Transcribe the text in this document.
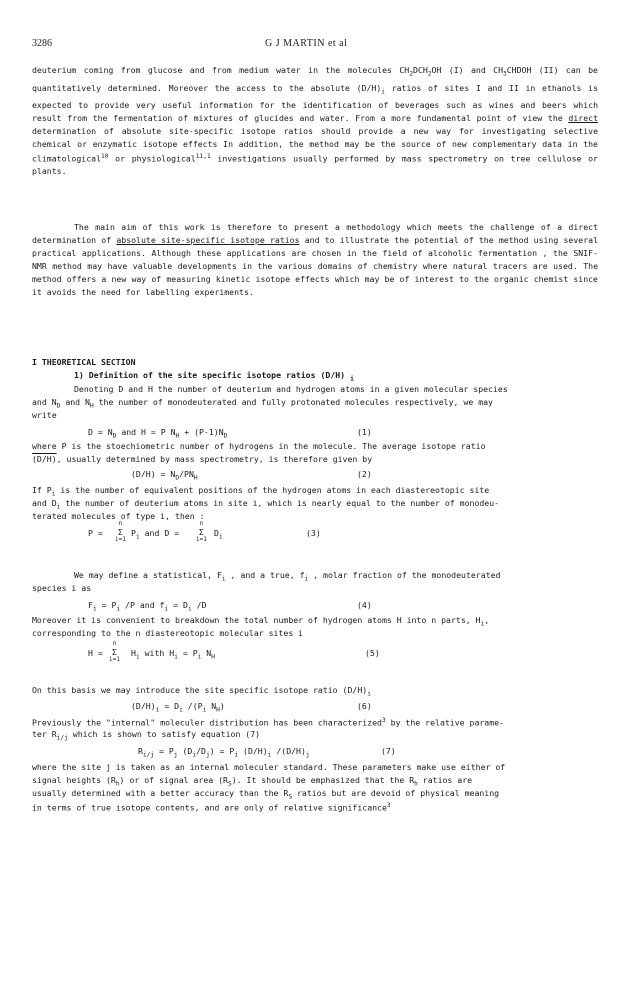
3286	G J MARTIN et al

deuterium coming from glucose and from medium water in the molecules $CH_2DCH_2OH$ (I) and $CH_3CHDOH$ (II) can be quantitatively determined. Moreover the access to the absolute $(D/H)_i$ ratios of sites I and II in ethanols is expected to provide very useful information for the identification of beverages such as wines and beers which result from the fermentation of mixtures of glucides and water. From a more fundamental point of view the direct determination of absolute site-specific isotope ratios should provide a new way for investigating selective chemical or enzymatic isotope effects In addition, the method may be the source of new complementary data in the climatological$^{10}$ or physiological$^{11,1}$ investigations usually performed by mass spectrometry on tree cellulose or plants.

The main aim of this work is therefore to present a methodology which meets the challenge of a direct determination of absolute site-specific isotope ratios and to illustrate the potential of the method using several practical applications. Although these applications are chosen in the field of alcoholic fermentation , the SNIF-NMR method may have valuable developments in the various domains of chemistry where natural tracers are used. The method offers a new way of measuring kinetic isotope effects which may be of interest to the organic chemist since it avoids the need for labelling experiments.

I THEORETICAL SECTION
1) Definition of the site specific isotope ratios (D/H) $_i$
Denoting D and H the number of deuterium and hydrogen atoms in a given molecular species
and $N_D$ and $N_H$ the number of monodeuterated and fully protonated molecules respectively, we may
write
$D = N_D$ and H = P $N_H + (P-1)N_D$	(1)
where P is the stoechiometric number of hydrogens in the molecule. The average isotope ratio
(D/H), usually determined by mass spectrometry, is therefore given by
$(D/H) = N_D/PN_H$	(2)
If $P_i$ is the number of equivalent positions of the hydrogen atoms in each diastereotopic site
and $D_i$ the number of deuterium atoms in site i, which is nearly equal to the number of monodeu-
terated molecules of type i, then :
P =
n
Σ
i=1
$P_i$ and D =
n
Σ
i=1
$D_i$	(3)
We may define a statistical, $F_i$ , and a true, $f_i$ , molar fraction of the monodeuterated
species i as
$F_i = P_i$ /P and $f_i = D_i$ /D	(4)
Moreover it is convenient to breakdown the total number of hydrogen atoms H into n parts, $H_i$,
corresponding to the n diastereotopic molecular sites i
H =
n
Σ
i=1
$H_i$ with $H_i = P_i$ $N_H$	(5)
On this basis we may introduce the site specific isotope ratio $(D/H)_i$
$(D/H)_i = D_i$ $/(P_i$ $N_H$)	(6)
Previously the "internal" moleculer distribution has been characterized$^3$ by the relative parame-
ter $R_{i/j}$ which is shown to satisfy equation (7)
$R_{i/j} = P_j$ $(D_i/D_j) = P_i$ $(D/H)_i$ $/(D/H)_j$	(7)
where the site j is taken as an internal moleculer standard. These parameters make use either of
signal heights $(R_h)$ or of signal area $(R_S)$. It should be emphasized that the $R_h$ ratios are
usually determined with a better accuracy than the $R_S$ ratios but are devoid of physical meaning
in terms of true isotope contents, and are only of relative significance$^3$
